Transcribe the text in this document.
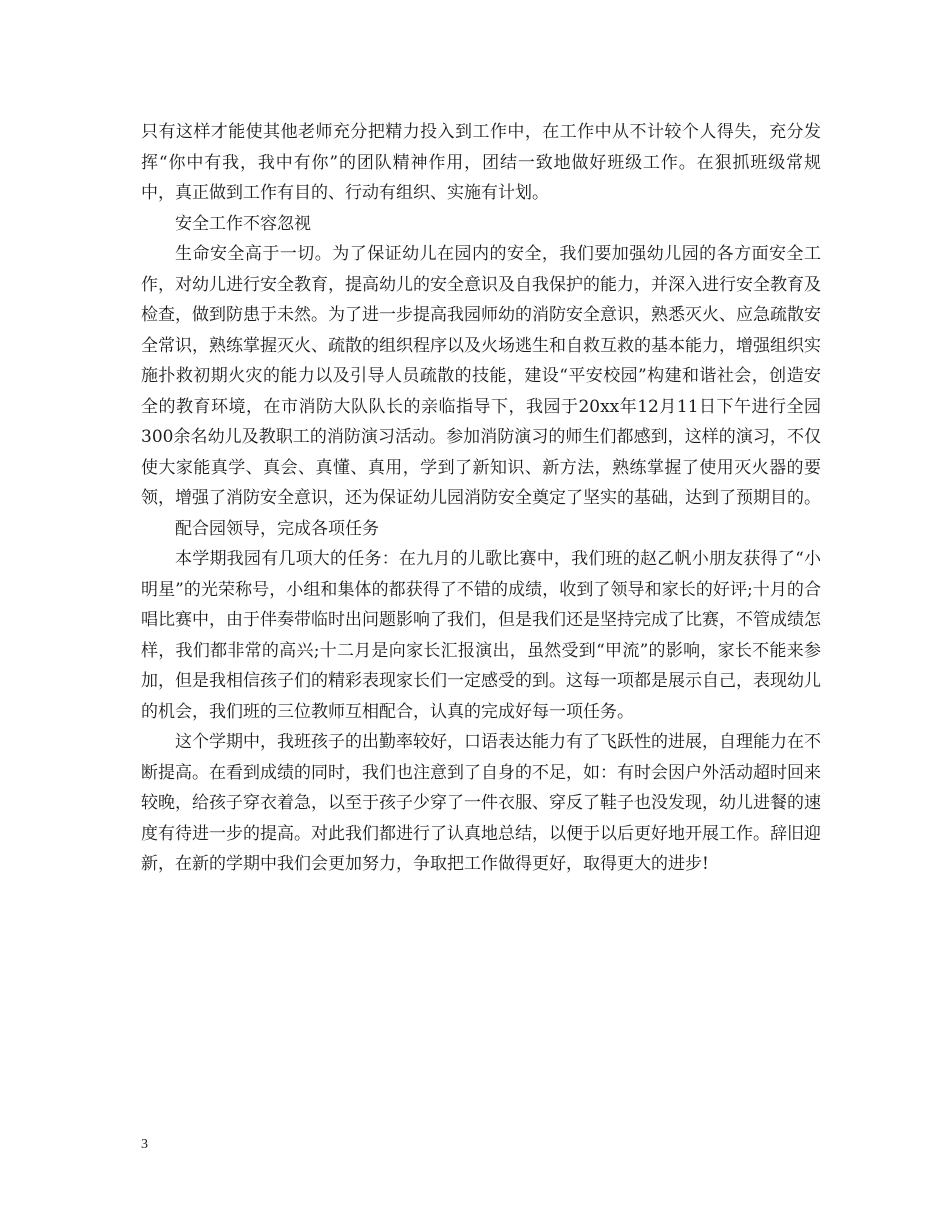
只有这样才能使其他老师充分把精力投入到工作中，在工作中从不计较个人得失，充分发挥“你中有我，我中有你”的团队精神作用，团结一致地做好班级工作。在狠抓班级常规中，真正做到工作有目的、行动有组织、实施有计划。

安全工作不容忽视

生命安全高于一切。为了保证幼儿在园内的安全，我们要加强幼儿园的各方面安全工作，对幼儿进行安全教育，提高幼儿的安全意识及自我保护的能力，并深入进行安全教育及检查，做到防患于未然。为了进一步提高我园师幼的消防安全意识，熟悉灭火、应急疏散安全常识，熟练掌握灭火、疏散的组织程序以及火场逃生和自救互救的基本能力，增强组织实施扑救初期火灾的能力以及引导人员疏散的技能，建设“平安校园”构建和谐社会，创造安全的教育环境，在市消防大队队长的亲临指导下，我园于20xx年12月11日下午进行全园300余名幼儿及教职工的消防演习活动。参加消防演习的师生们都感到，这样的演习，不仅使大家能真学、真会、真懂、真用，学到了新知识、新方法，熟练掌握了使用灭火器的要领，增强了消防安全意识，还为保证幼儿园消防安全奠定了坚实的基础，达到了预期目的。

配合园领导，完成各项任务

本学期我园有几项大的任务：在九月的儿歌比赛中，我们班的赵乙帆小朋友获得了“小明星”的光荣称号，小组和集体的都获得了不错的成绩，收到了领导和家长的好评;十月的合唱比赛中，由于伴奏带临时出问题影响了我们，但是我们还是坚持完成了比赛，不管成绩怎样，我们都非常的高兴;十二月是向家长汇报演出，虽然受到“甲流”的影响，家长不能来参加，但是我相信孩子们的精彩表现家长们一定感受的到。这每一项都是展示自己，表现幼儿的机会，我们班的三位教师互相配合，认真的完成好每一项任务。

这个学期中，我班孩子的出勤率较好，口语表达能力有了飞跃性的进展，自理能力在不断提高。在看到成绩的同时，我们也注意到了自身的不足，如：有时会因户外活动超时回来较晚，给孩子穿衣着急，以至于孩子少穿了一件衣服、穿反了鞋子也没发现，幼儿进餐的速度有待进一步的提高。对此我们都进行了认真地总结，以便于以后更好地开展工作。辞旧迎新，在新的学期中我们会更加努力，争取把工作做得更好，取得更大的进步!

3
